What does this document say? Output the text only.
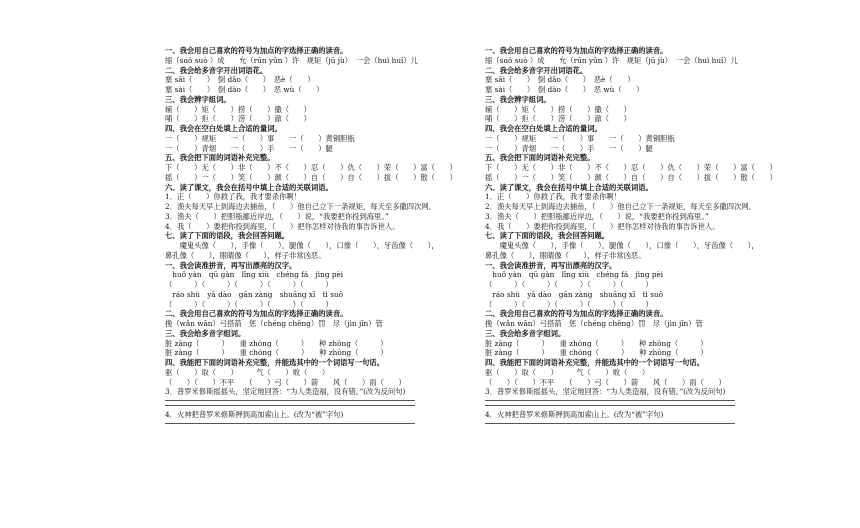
一、我会用自己喜欢的符号为加点的字选择正确的读音。
缩（suō suò ）成　　允（rūn yǔn ）许　规矩（jǔ jù）　一会（huì huǐ）儿
二、我会给多音字开出词语花。
塞 sāi（　　）　倒 dǎo（　　）　恶è（　　）
塞 sài（　　）　倒 dào（　　）　恶 wù（　　）
三、我会辨字组词。
辅（　　）矩（　　）捞（　　）撒（　　）
哺（　　）拒（　　）涝（　　）澈（　　）
四、我会在空白处填上合适的量词。
一（　　）规矩　　一（　　）事　　一（　　）黄铜胆瓶
一（　　）青烟　　一（　　）手　　一（　　）腿
五、我会把下面的词语补充完整。
下（　　）无（　　）非（　　）不（　　）忍（　　）仇（　　）荣（　　）富（　　）
摇（　　）一（　　）笑（　　）颜（　　）自（　　）自（　　）拔（　　）散（　　）
六、读了课文，我会在括号中填上合适的关联词语。
1．正（　　）你救了我，我才要杀你啊！
2．渔夫每天早上到海边去捕鱼，（　　）他自己立下一条规矩，每天至多撒四次网。
3．渔夫（　　）把胆瓶挪近岸边，（　　）说，“我要把你投到海里。”
4．我（　　）要把你投到海里，（　　）把你怎样对待我的事告诉世人。
七、读了下面的语段，我会回答问题。
　　魔鬼头像（　　），手像（　　），腿像（　　），口像（　　），牙齿像（　　），
鼻孔像（　　），眼睛像（　　），样子非常凶恶。
一、我会读准拼音，再写出漂亮的汉字。
　huǒ yàn　qū gàn　lǐng xiù　chéng fá　jìng pèi
（　　　）（　　　）（　　　）（　　　）（　　　）
　ráo shù　yā dào　gān zàng　shuāng xī　tì suō
（　　　）（　　　）（　　　）（　　　）（　　　）
二、我会用自己喜欢的符号为加点的字选择正确的读音。
挽（wǎn wān）弓搭箭　惩（chéng chěng）罚　尽（jìn jǐn）管
三、我会给多音字组词。
脏 zāng（　　　）　　重 zhòng（　　　）　　种 zhǒng（　　　）
脏 zàng（　　　）　　重 chóng（　　　）　　种 zhòng（　　　）
四、我能把下面的词语补充完整，并能选其中的一个词语写一句话。
驱（　　）取（　　）　　　气（　　）败（　　）
（　　）（　　）不平　　（　　）弓（　　）箭　　风（　　）雨（　　）
3．普罗米修斯摇摇头，坚定地回答：“为人类造福，没有错。”(改为反问句)
4．火神把普罗米修斯押到高加索山上。(改为“被”字句)
一、我会用自己喜欢的符号为加点的字选择正确的读音。
缩（suō suò ）成　　允（rūn yǔn ）许　规矩（jǔ jù）　一会（huì huǐ）儿
二、我会给多音字开出词语花。
塞 sāi（　　）　倒 dǎo（　　）　恶è（　　）
塞 sài（　　）　倒 dào（　　）　恶 wù（　　）
三、我会辨字组词。
辅（　　）矩（　　）捞（　　）撒（　　）
哺（　　）拒（　　）涝（　　）澈（　　）
四、我会在空白处填上合适的量词。
一（　　）规矩　　一（　　）事　　一（　　）黄铜胆瓶
一（　　）青烟　　一（　　）手　　一（　　）腿
五、我会把下面的词语补充完整。
下（　　）无（　　）非（　　）不（　　）忍（　　）仇（　　）荣（　　）富（　　）
摇（　　）一（　　）笑（　　）颜（　　）自（　　）自（　　）拔（　　）散（　　）
六、读了课文，我会在括号中填上合适的关联词语。
1．正（　　）你救了我，我才要杀你啊！
2．渔夫每天早上到海边去捕鱼，（　　）他自己立下一条规矩，每天至多撒四次网。
3．渔夫（　　）把胆瓶挪近岸边，（　　）说，“我要把你投到海里。”
4．我（　　）要把你投到海里，（　　）把你怎样对待我的事告诉世人。
七、读了下面的语段，我会回答问题。
　　魔鬼头像（　　），手像（　　），腿像（　　），口像（　　），牙齿像（　　），
鼻孔像（　　），眼睛像（　　），样子非常凶恶。
一、我会读准拼音，再写出漂亮的汉字。
　huǒ yàn　qū gàn　lǐng xiù　chéng fá　jìng pèi
（　　　）（　　　）（　　　）（　　　）（　　　）
　ráo shù　yā dào　gān zàng　shuāng xī　tì suō
（　　　）（　　　）（　　　）（　　　）（　　　）
二、我会用自己喜欢的符号为加点的字选择正确的读音。
挽（wǎn wān）弓搭箭　惩（chéng chěng）罚　尽（jìn jǐn）管
三、我会给多音字组词。
脏 zāng（　　　）　　重 zhòng（　　　）　　种 zhǒng（　　　）
脏 zàng（　　　）　　重 chóng（　　　）　　种 zhòng（　　　）
四、我能把下面的词语补充完整，并能选其中的一个词语写一句话。
驱（　　）取（　　）　　　气（　　）败（　　）
（　　）（　　）不平　　（　　）弓（　　）箭　　风（　　）雨（　　）
3．普罗米修斯摇摇头，坚定地回答：“为人类造福，没有错。”(改为反问句)
4．火神把普罗米修斯押到高加索山上。(改为“被”字句)
